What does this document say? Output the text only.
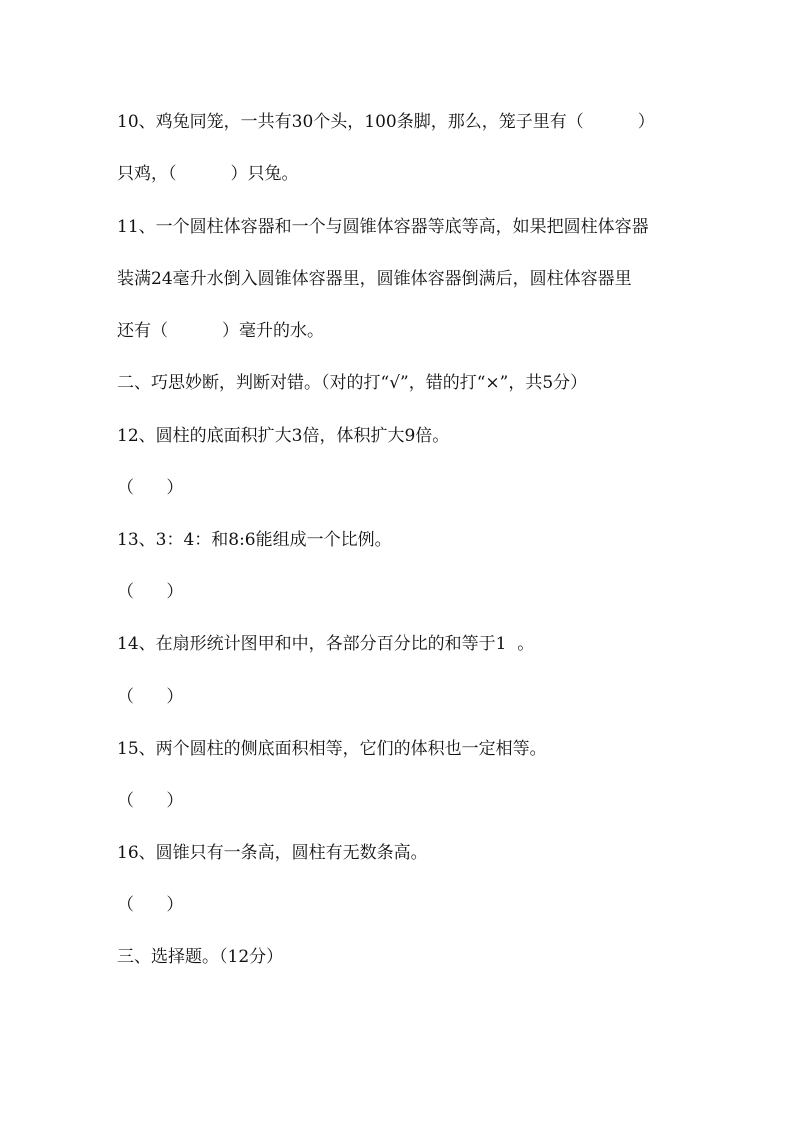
10、鸡兔同笼，一共有30个头，100条脚，那么，笼子里有（          ）
只鸡，（          ）只兔。
11、一个圆柱体容器和一个与圆锥体容器等底等高，如果把圆柱体容器
装满24毫升水倒入圆锥体容器里，圆锥体容器倒满后，圆柱体容器里
还有（          ）毫升的水。
二、巧思妙断，判断对错。（对的打“√”，错的打“×”，共5分）
12、圆柱的底面积扩大3倍，体积扩大9倍。
（      ）
13、3：4：和8:6能组成一个比例。
（      ）
14、在扇形统计图甲和中，各部分百分比的和等于1  。
（      ）
15、两个圆柱的侧底面积相等，它们的体积也一定相等。
（      ）
16、圆锥只有一条高，圆柱有无数条高。
（      ）
三、选择题。（12分）
